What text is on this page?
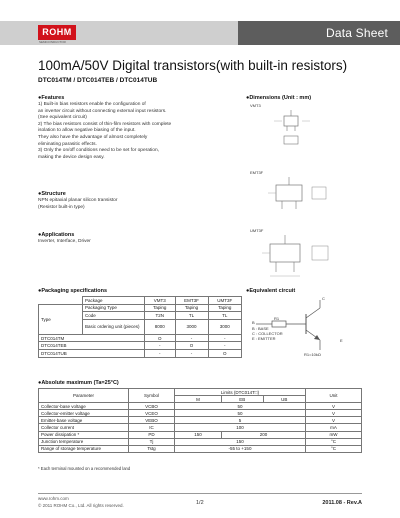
ROHM
SEMICONDUCTOR
Data Sheet
100mA/50V Digital transistors(with built-in resistors)
DTC014TM / DTC014TEB / DTC014TUB
●Features
1) Built-in bias resistors enable the configuration of
an inverter circuit without connecting external input resistors.
(See equivalent circuit)
2) The bias resistors consist of thin-film resistors with complete
isolation to allow negative biasing of the input.
They also have the advantage of almost completely
eliminating parasitic effects.
3) Only the on/off conditions need to be set for operation,
making the device design easy.
●Dimensions (Unit : mm)
VMT3
EMT3F
UMT3F
●Structure
NPN epitaxial planar silicon transistor
(Resistor built-in type)
●Applications
Inverter, Interface, Driver
●Packaging specifications
	Package	VMT3	EMT3F	UMT3F
Type	Packaging Type	Taping	Taping	Taping
	Code	T2N	TL	TL
	Basic ordering unit (pieces)	8000	3000	3000
DTC014TM		O	-	-
DTC014TEB		-	O	-
DTC014TUB		-	-	O
●Equivalent circuit
B
R1
C
E
B : BASE
C : COLLECTOR
E : EMITTER
R1=10kΩ
●Absolute maximum (Ta=25°C)
Parameter	Symbol	Limits (DTC014T□)			Unit
		M	EB	UB	
Collector-base voltage	VCBO	50			V
Collector-emitter voltage	VCEO	50			V
Emitter-base voltage	VEBO	5			V
Collector current	IC	100			mA
Power dissipation *	PD	150	200		mW
Junction temperature	Tj	150			°C
Range of storage temperature	Tstg	-55 to +150			°C
* Each terminal mounted on a recommended land
www.rohm.com
© 2011 ROHM Co., Ltd. All rights reserved.	1/2	2011.08 - Rev.A
